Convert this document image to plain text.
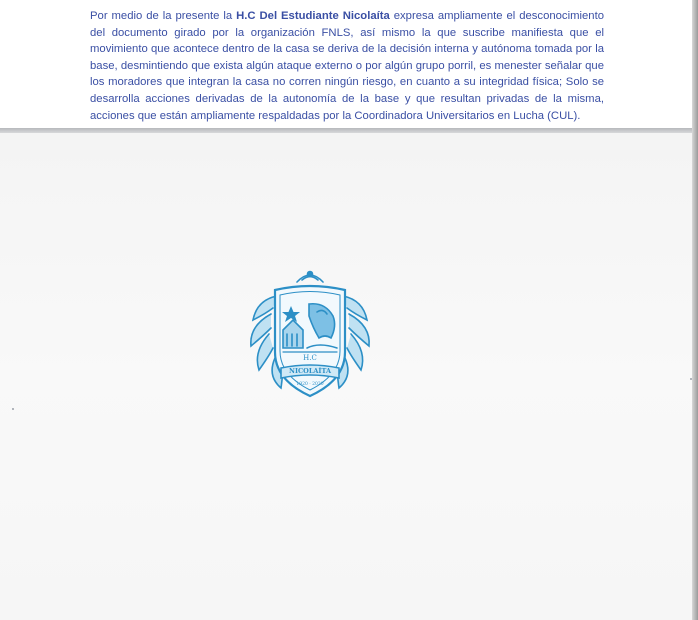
Por medio de la presente la H.C Del Estudiante Nicolaíta expresa ampliamente el desconocimiento del documento girado por la organización FNLS, así mismo la que suscribe manifiesta que el movimiento que acontece dentro de la casa se deriva de la decisión interna y autónoma tomada por la base, desmintiendo que exista algún ataque externo o por algún grupo porril, es menester señalar que los moradores que integran la casa no corren ningún riesgo, en cuanto a su integridad física; Solo se desarrolla acciones derivadas de la autonomía de la base y que resultan privadas de la misma, acciones que están ampliamente respaldadas por la Coordinadora Universitarios en Lucha (CUL).

H.C
NICOLAÍTA
1920 · 2020
